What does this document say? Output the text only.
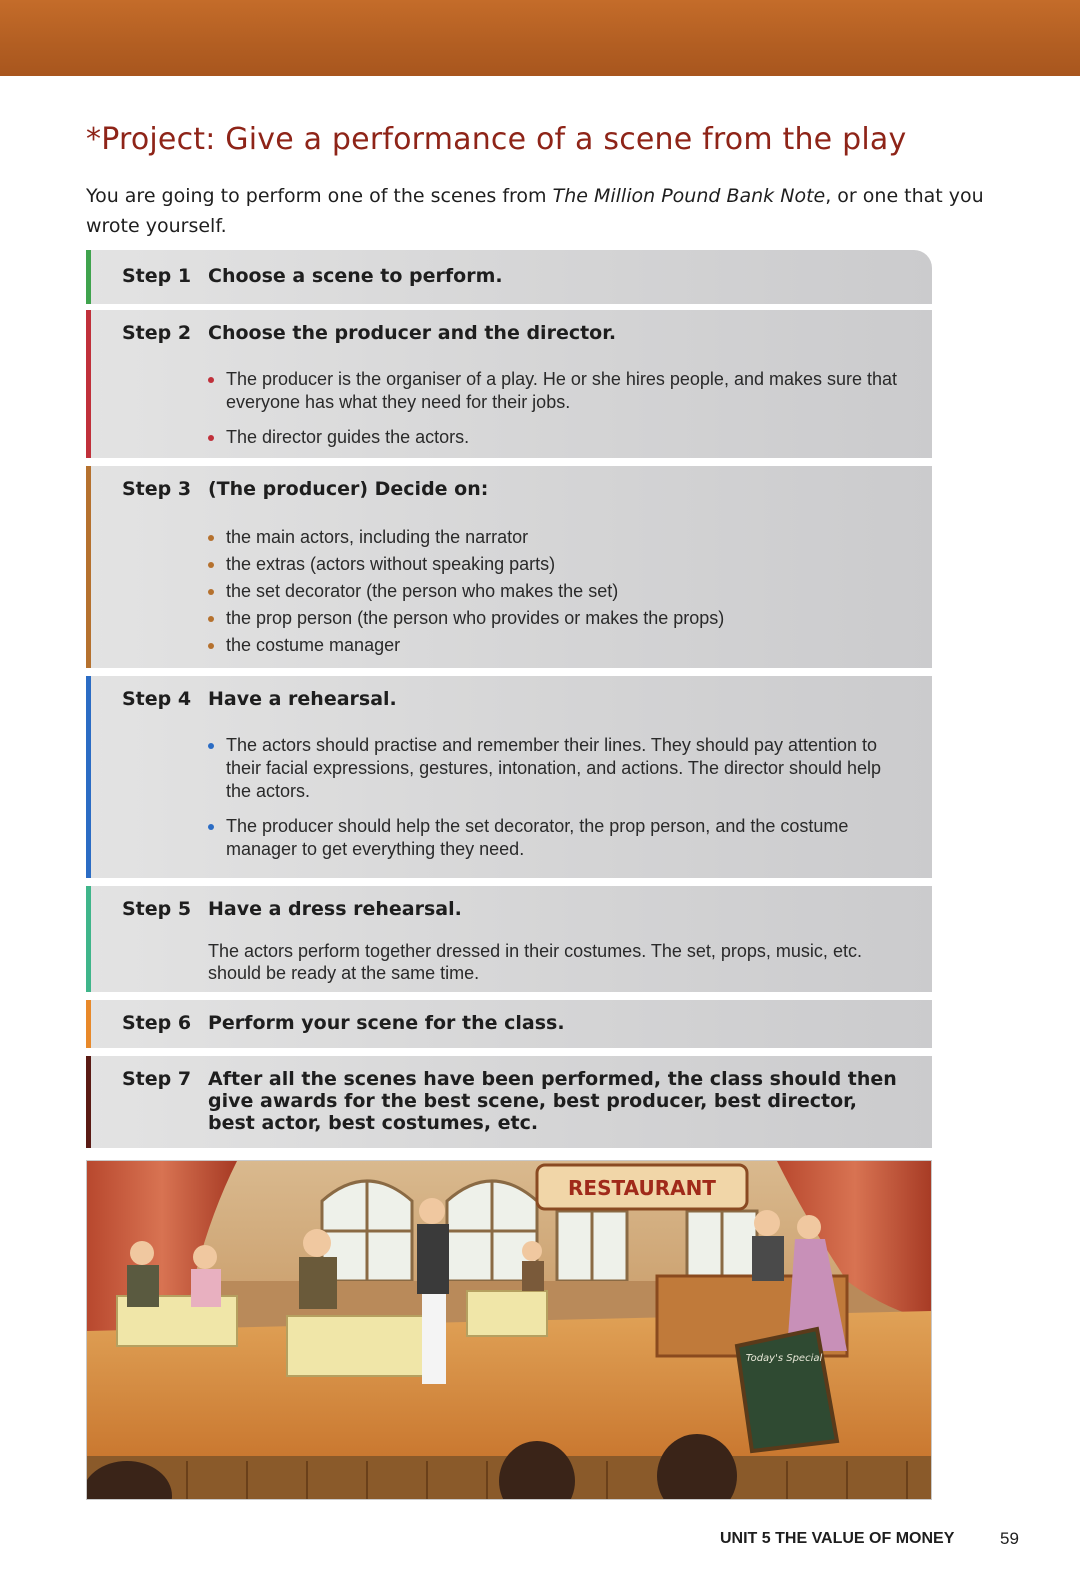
*Project: Give a performance of a scene from the play

You are going to perform one of the scenes from The Million Pound Bank Note, or one that you wrote yourself.

Step 1 Choose a scene to perform.
Step 2 Choose the producer and the director.
The producer is the organiser of a play. He or she hires people, and makes sure that everyone has what they need for their jobs.
The director guides the actors.
Step 3 (The producer) Decide on:
the main actors, including the narrator
the extras (actors without speaking parts)
the set decorator (the person who makes the set)
the prop person (the person who provides or makes the props)
the costume manager
Step 4 Have a rehearsal.
The actors should practise and remember their lines. They should pay attention to their facial expressions, gestures, intonation, and actions. The director should help the actors.
The producer should help the set decorator, the prop person, and the costume manager to get everything they need.
Step 5 Have a dress rehearsal.
The actors perform together dressed in their costumes. The set, props, music, etc. should be ready at the same time.
Step 6 Perform your scene for the class.
Step 7 After all the scenes have been performed, the class should then give awards for the best scene, best producer, best director, best actor, best costumes, etc.
RESTAURANT
Today's Special
UNIT 5 THE VALUE OF MONEY	59
